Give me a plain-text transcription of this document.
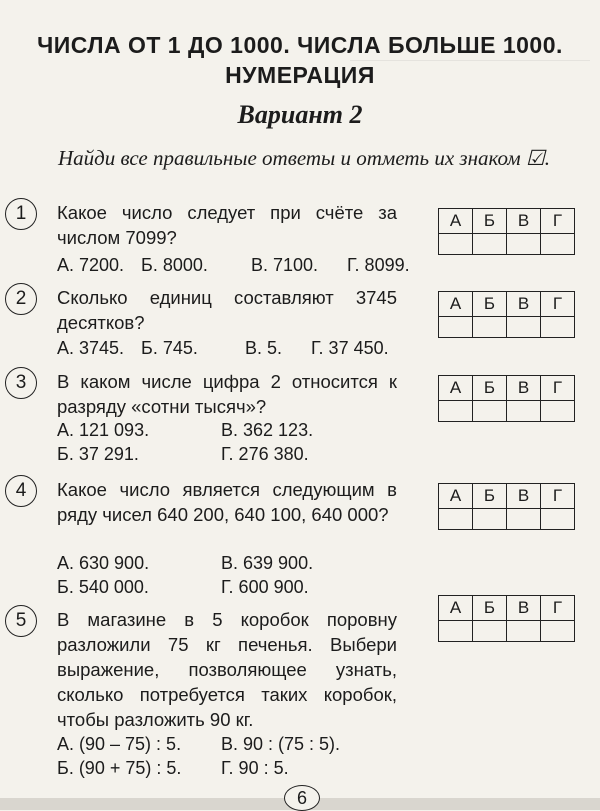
ЧИСЛА ОТ 1 ДО 1000. ЧИСЛА БОЛЬШЕ 1000.
НУМЕРАЦИЯ
Вариант 2
Найди все правильные ответы и отметь их знаком ☑.
1	Какое число следует при счёте за числом 7099?
А. 7200. Б. 8000. В. 7100. Г. 8099.
А	Б	В	Г

2	Сколько единиц составляют 3745 десятков?
А. 3745. Б. 745.	В. 5. Г. 37 450.
А	Б	В	Г

3	В каком числе цифра 2 относится к разряду «сотни тысяч»?
А. 121 093.	В. 362 123.
Б. 37 291.	Г. 276 380.
А	Б	В	Г

4	Какое число является следующим в ряду чисел 640 200, 640 100, 640 000?
А. 630 900.	В. 639 900.
Б. 540 000.	Г. 600 900.
А	Б	В	Г

5	В магазине в 5 коробок поровну разложили 75 кг печенья. Выбери выражение, позволяющее узнать, сколько потребуется таких коробок, чтобы разложить 90 кг.
А. (90 – 75) : 5. В. 90 : (75 : 5).
Б. (90 + 75) : 5. Г. 90 : 5.
А	Б	В	Г

6
